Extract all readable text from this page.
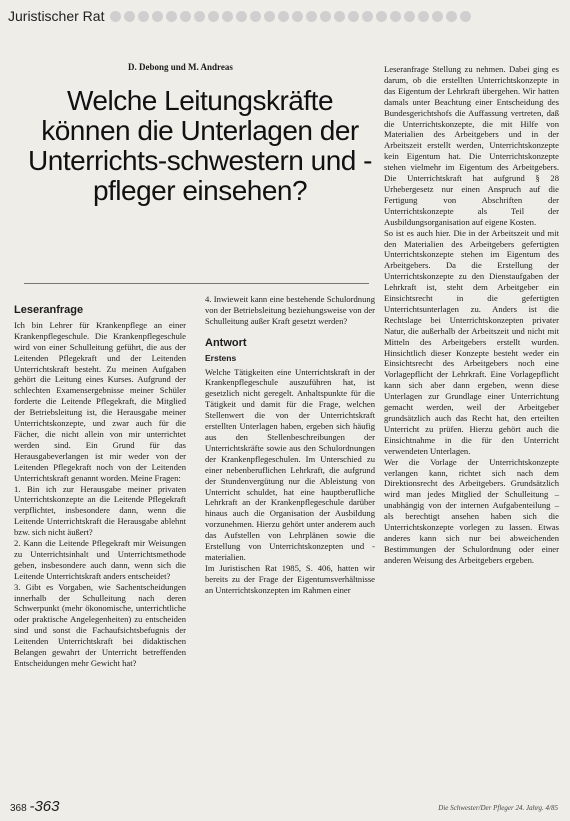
Juristischer Rat
D. Debong und M. Andreas
Welche Leitungskräfte können die Unterlagen der Unterrichts-schwestern und -pfleger einsehen?
Leseranfrage

Ich bin Lehrer für Krankenpflege an einer Krankenpflegeschule. Die Krankenpflegeschule wird von einer Schulleitung geführt, die aus der Leitenden Pflegekraft und der Leitenden Unterrichtskraft besteht. Zu meinen Aufgaben gehört die Leitung eines Kurses. Aufgrund der schlechten Examensergebnisse meiner Schüler forderte die Leitende Pflegekraft, die Mitglied der Betriebsleitung ist, die Herausgabe meiner Unterrichtskonzepte, und zwar auch für die Fächer, die nicht allein von mir unterrichtet werden sind. Ein Grund für das Herausgabeverlangen ist mir weder von der Leitenden Pflegekraft noch von der Leitenden Unterrichtskraft genannt worden. Meine Fragen:

1. Bin ich zur Herausgabe meiner privaten Unterrichtskonzepte an die Leitende Pflegekraft verpflichtet, insbesondere dann, wenn die Leitende Unterrichtskraft die Herausgabe ablehnt bzw. sich nicht äußert?

2. Kann die Leitende Pflegekraft mir Weisungen zu Unterrichtsinhalt und Unterrichtsmethode geben, insbesondere auch dann, wenn sich die Leitende Unterrichtskraft anders entscheidet?

3. Gibt es Vorgaben, wie Sachentscheidungen innerhalb der Schulleitung nach deren Schwerpunkt (mehr ökonomische, unterrichtliche oder praktische Angelegenheiten) zu entscheiden sind und sonst die Fachaufsichtsbefugnis der Leitenden Unterrichtskraft bei didaktischen Belangen gewahrt der Unterricht betreffenden Entscheidungen mehr Gewicht hat?

4. Inwieweit kann eine bestehende Schulordnung von der Betriebsleitung beziehungsweise von der Schulleitung außer Kraft gesetzt werden?

Antwort
Erstens

Welche Tätigkeiten eine Unterrichtskraft in der Krankenpflegeschule auszuführen hat, ist gesetzlich nicht geregelt. Anhaltspunkte für die Tätigkeit und damit für die Frage, welchen Stellenwert die von der Unterrichtskraft erstellten Unterlagen haben, ergeben sich häufig aus den Stellenbeschreibungen der Unterrichtskräfte sowie aus den Schulordnungen der Krankenpflegeschulen. Im Unterschied zu einer nebenberuflichen Lehrkraft, die aufgrund der Stundenvergütung nur die Ableistung von Unterricht schuldet, hat eine hauptberufliche Lehrkraft an der Krankenpflegeschule darüber hinaus auch die Organisation der Ausbildung vorzunehmen. Hierzu gehört unter anderem auch das Aufstellen von Lehrplänen sowie die Erstellung von Unterrichtskonzepten und -materialien.

Im Juristischen Rat 1985, S. 406, hatten wir bereits zu der Frage der Eigentumsverhältnisse an Unterrichtskonzepten im Rahmen einer

Leseranfrage Stellung zu nehmen. Dabei ging es darum, ob die erstellten Unterrichtskonzepte in das Eigentum der Lehrkraft übergehen. Wir hatten damals unter Beachtung einer Entscheidung des Bundesgerichtshofs die Auffassung vertreten, daß die Unterrichtskonzepte, die mit Hilfe von Materialien des Arbeitgebers und in der Arbeitszeit erstellt werden, Unterrichtskonzepte kein Eigentum hat. Die Unterrichtskonzepte stehen vielmehr im Eigentum des Arbeitgebers. Die Unterrichtskraft hat aufgrund § 28 Urhebergesetz nur einen Anspruch auf die Fertigung von Abschriften der Unterrichtskonzepte als Teil der Ausbildungsorganisation auf eigene Kosten.

So ist es auch hier. Die in der Arbeitszeit und mit den Materialien des Arbeitgebers gefertigten Unterrichtskonzepte stehen im Eigentum des Arbeitgebers. Da die Erstellung der Unterrichtskonzepte zu den Dienstaufgaben der Lehrkraft ist, steht dem Arbeitgeber ein Einsichtsrecht in die gefertigten Unterrichtsunterlagen zu. Anders ist die Rechtslage bei Unterrichtskonzepten privater Natur, die außerhalb der Arbeitszeit und nicht mit Mitteln des Arbeitgebers erstellt wurden. Hinsichtlich dieser Konzepte besteht weder ein Einsichtsrecht des Arbeitgebers noch eine Vorlagepflicht der Lehrkraft. Eine Vorlagepflicht kann sich aber dann ergeben, wenn diese Unterlagen zur Grundlage einer Unterrichtung gemacht werden, weil der Arbeitgeber grundsätzlich auch das Recht hat, den erteilten Unterricht zu prüfen. Hierzu gehört auch die Einsichtnahme in die für den Unterricht verwendeten Unterlagen.

Wer die Vorlage der Unterrichtskonzepte verlangen kann, richtet sich nach dem Direktionsrecht des Arbeitgebers. Grundsätzlich wird man jedes Mitglied der Schulleitung – unabhängig von der internen Aufgabenteilung – als berechtigt ansehen haben sich die Unterrichtskonzepte vorlegen zu lassen. Etwas anderes kann sich nur bei abweichenden Bestimmungen der Schulordnung oder einer anderen Weisung des Arbeitgebers ergeben.

368 -363	Die Schwester/Der Pfleger 24. Jahrg. 4/85
